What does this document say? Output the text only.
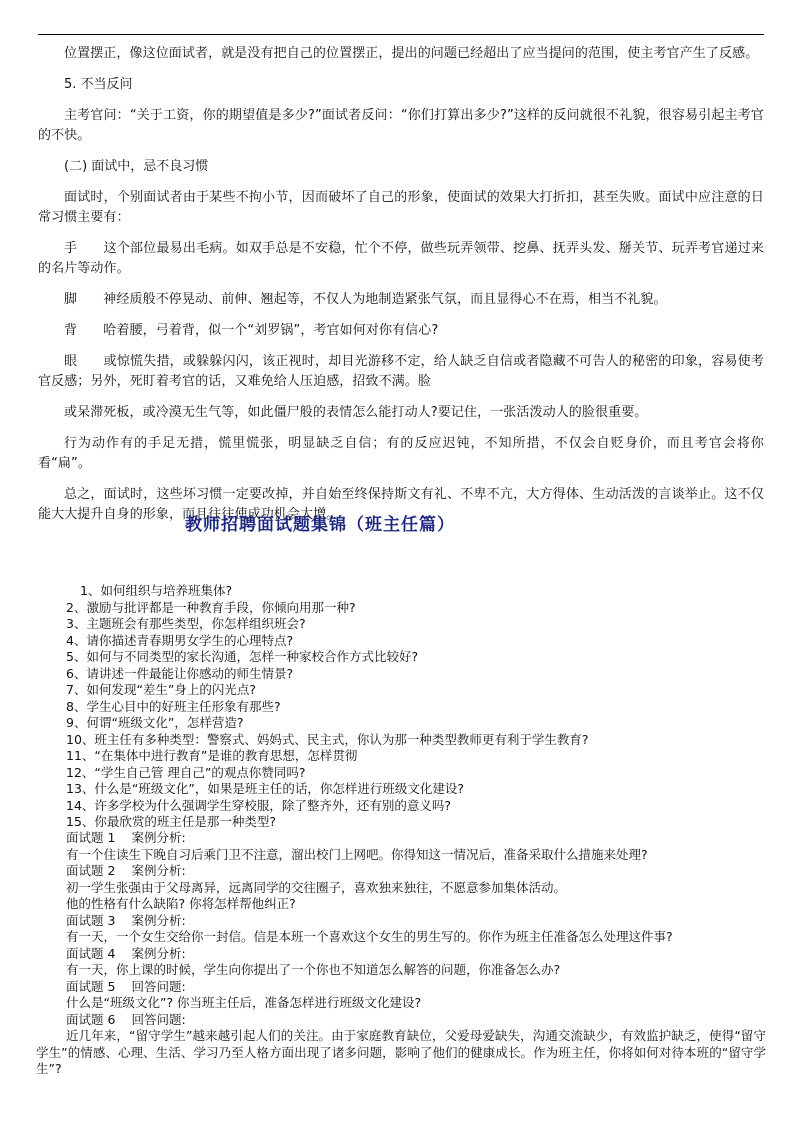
位置摆正，像这位面试者，就是没有把自己的位置摆正，提出的问题已经超出了应当提问的范围，使主考官产生了反感。

5. 不当反问

主考官问：“关于工资，你的期望值是多少?”面试者反问：“你们打算出多少?”这样的反问就很不礼貌，很容易引起主考官的不快。

(二) 面试中，忌不良习惯

面试时，个别面试者由于某些不拘小节，因而破坏了自己的形象，使面试的效果大打折扣，甚至失败。面试中应注意的日常习惯主要有：

手　　这个部位最易出毛病。如双手总是不安稳，忙个不停，做些玩弄领带、挖鼻、抚弄头发、掰关节、玩弄考官递过来的名片等动作。

脚　　神经质般不停晃动、前伸、翘起等，不仅人为地制造紧张气氛，而且显得心不在焉，相当不礼貌。

背　　哈着腰，弓着背，似一个“刘罗锅”，考官如何对你有信心?

眼　　或惊慌失措，或躲躲闪闪，该正视时，却目光游移不定，给人缺乏自信或者隐藏不可告人的秘密的印象，容易使考官反感；另外，死盯着考官的话，又难免给人压迫感，招致不满。脸

或呆滞死板，或冷漠无生气等，如此僵尸般的表情怎么能打动人?要记住，一张活泼动人的脸很重要。

行为动作有的手足无措，慌里慌张，明显缺乏自信；有的反应迟钝，不知所措，不仅会自贬身价，而且考官会将你看“扁”。

总之，面试时，这些坏习惯一定要改掉，并自始至终保持斯文有礼、不卑不亢，大方得体、生动活泼的言谈举止。这不仅能大大提升自身的形象，而且往往使成功机会大增。

教师招聘面试题集锦（班主任篇）

1、如何组织与培养班集体?

2、激励与批评都是一种教育手段，你倾向用那一种?

3、主题班会有那些类型，你怎样组织班会?

4、请你描述青春期男女学生的心理特点?

5、如何与不同类型的家长沟通，怎样一种家校合作方式比较好?

6、请讲述一件最能让你感动的师生情景?

7、如何发现“差生”身上的闪光点?

8、学生心目中的好班主任形象有那些?

9、何谓“班级文化”，怎样营造?

10、班主任有多种类型：警察式、妈妈式、民主式，你认为那一种类型教师更有利于学生教育?

11、“在集体中进行教育”是谁的教育思想，怎样贯彻

12、“学生自己管 理自己”的观点你赞同吗?

13、什么是“班级文化”，如果是班主任的话，你怎样进行班级文化建设?

14、许多学校为什么强调学生穿校服，除了整齐外，还有别的意义吗?

15、你最欣赏的班主任是那一种类型?

面试题 1 案例分析:

有一个住读生下晚自习后乘门卫不注意，溜出校门上网吧。你得知这一情况后，准备采取什么措施来处理?

面试题 2 案例分析:

初一学生张强由于父母离异，远离同学的交往圈子，喜欢独来独往，不愿意参加集体活动。

他的性格有什么缺陷? 你将怎样帮他纠正?

面试题 3 案例分析:

有一天，一个女生交给你一封信。信是本班一个喜欢这个女生的男生写的。你作为班主任准备怎么处理这件事?

面试题 4 案例分析:

有一天，你上课的时候，学生向你提出了一个你也不知道怎么解答的问题，你准备怎么办?

面试题 5 回答问题:

什么是“班级文化”? 你当班主任后，准备怎样进行班级文化建设?

面试题 6 回答问题:

近几年来，“留守学生”越来越引起人们的关注。由于家庭教育缺位，父爱母爱缺失，沟通交流缺少，有效监护缺乏，使得“留守学生”的情感、心理、生活、学习乃至人格方面出现了诸多问题，影响了他们的健康成长。作为班主任，你将如何对待本班的“留守学生”?
